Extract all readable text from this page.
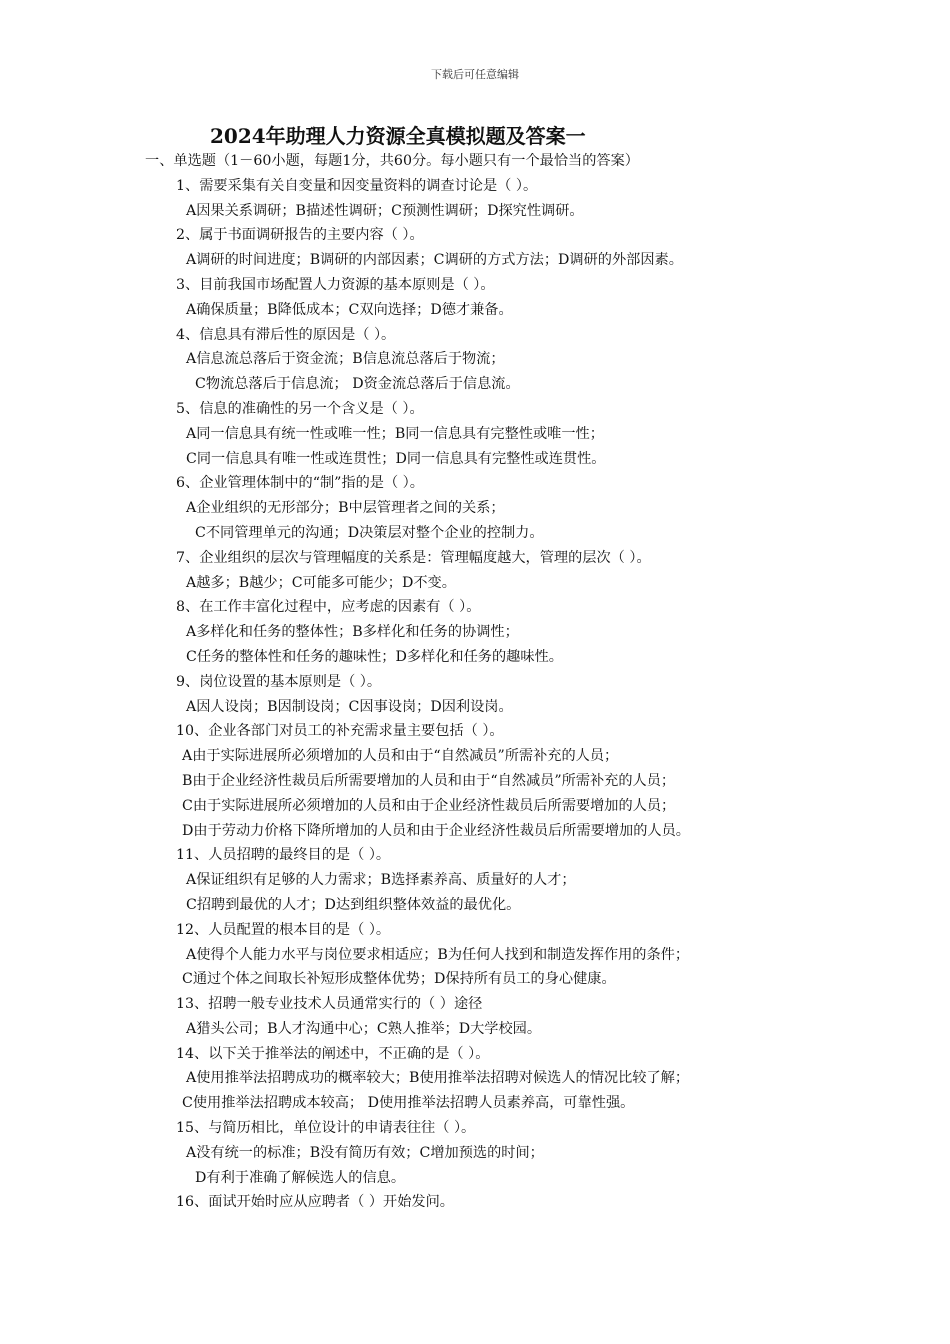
下载后可任意编辑
2024年助理人力资源全真模拟题及答案一
一、单选题（1－60小题，每题1分，共60分。每小题只有一个最恰当的答案）
1、需要采集有关自变量和因变量资料的调查讨论是（ ）。
A因果关系调研；B描述性调研；C预测性调研；D探究性调研。
2、属于书面调研报告的主要内容（ ）。
A调研的时间进度；B调研的内部因素；C调研的方式方法；D调研的外部因素。
3、目前我国市场配置人力资源的基本原则是（ ）。
A确保质量；B降低成本；C双向选择；D德才兼备。
4、信息具有滞后性的原因是（ ）。
A信息流总落后于资金流；B信息流总落后于物流；
C物流总落后于信息流； D资金流总落后于信息流。
5、信息的准确性的另一个含义是（ ）。
A同一信息具有统一性或唯一性；B同一信息具有完整性或唯一性；
C同一信息具有唯一性或连贯性；D同一信息具有完整性或连贯性。
6、企业管理体制中的“制”指的是（ ）。
A企业组织的无形部分；B中层管理者之间的关系；
C不同管理单元的沟通；D决策层对整个企业的控制力。
7、企业组织的层次与管理幅度的关系是：管理幅度越大，管理的层次（ ）。
A越多；B越少；C可能多可能少；D不变。
8、在工作丰富化过程中，应考虑的因素有（ ）。
A多样化和任务的整体性；B多样化和任务的协调性；
C任务的整体性和任务的趣味性；D多样化和任务的趣味性。
9、岗位设置的基本原则是（ ）。
A因人设岗；B因制设岗；C因事设岗；D因利设岗。
10、企业各部门对员工的补充需求量主要包括（ ）。
A由于实际进展所必须增加的人员和由于“自然减员”所需补充的人员；
B由于企业经济性裁员后所需要增加的人员和由于“自然减员”所需补充的人员；
C由于实际进展所必须增加的人员和由于企业经济性裁员后所需要增加的人员；
D由于劳动力价格下降所增加的人员和由于企业经济性裁员后所需要增加的人员。
11、人员招聘的最终目的是（ ）。
A保证组织有足够的人力需求；B选择素养高、质量好的人才；
C招聘到最优的人才；D达到组织整体效益的最优化。
12、人员配置的根本目的是（ ）。
A使得个人能力水平与岗位要求相适应；B为任何人找到和制造发挥作用的条件；
C通过个体之间取长补短形成整体优势；D保持所有员工的身心健康。
13、招聘一般专业技术人员通常实行的（ ）途径
A猎头公司；B人才沟通中心；C熟人推举；D大学校园。
14、以下关于推举法的阐述中，不正确的是（ ）。
A使用推举法招聘成功的概率较大；B使用推举法招聘对候选人的情况比较了解；
C使用推举法招聘成本较高； D使用推举法招聘人员素养高，可靠性强。
15、与简历相比，单位设计的申请表往往（ ）。
A没有统一的标准；B没有简历有效；C增加预选的时间；
D有利于准确了解候选人的信息。
16、面试开始时应从应聘者（ ）开始发问。
